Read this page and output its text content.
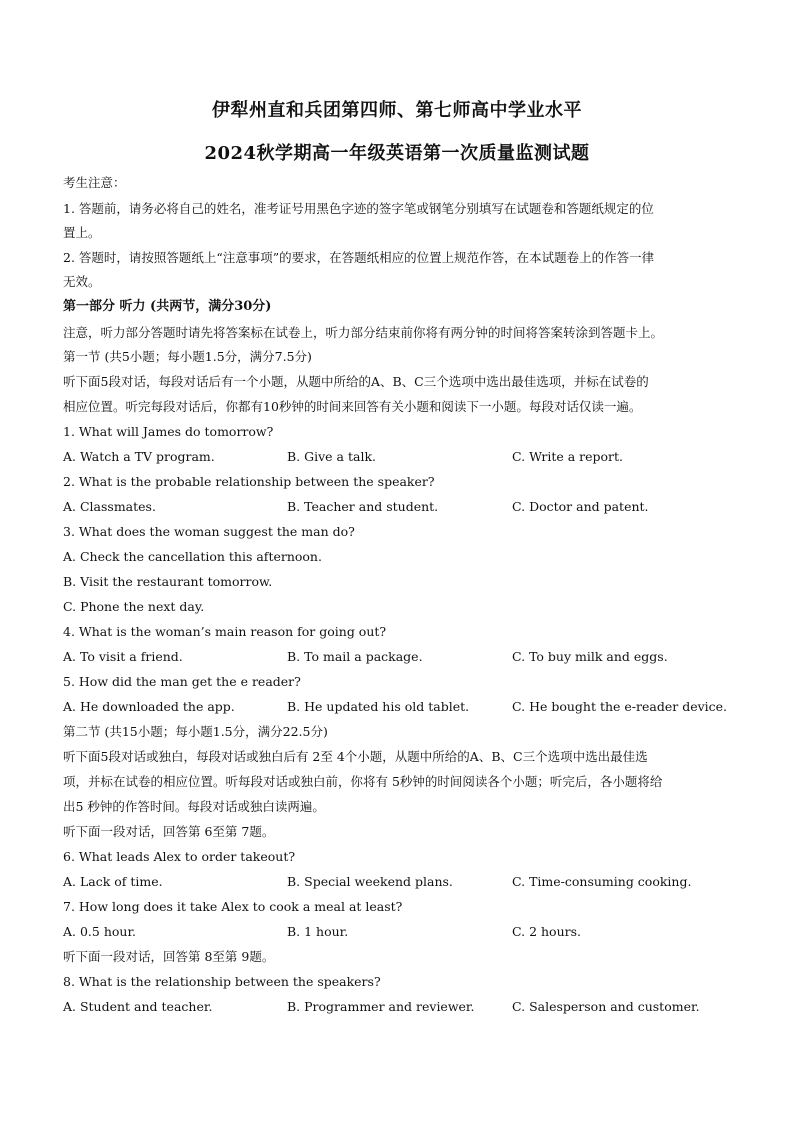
伊犁州直和兵团第四师、第七师高中学业水平
2024秋学期高一年级英语第一次质量监测试题
考生注意：
1. 答题前，请务必将自己的姓名，准考证号用黑色字迹的签字笔或钢笔分别填写在试题卷和答题纸规定的位
置上。
2. 答题时，请按照答题纸上“注意事项”的要求，在答题纸相应的位置上规范作答，在本试题卷上的作答一律
无效。
第一部分 听力 (共两节，满分30分)
注意，听力部分答题时请先将答案标在试卷上，听力部分结束前你将有两分钟的时间将答案转涂到答题卡上。
第一节 (共5小题；每小题1.5分，满分7.5分)
听下面5段对话，每段对话后有一个小题，从题中所给的A、B、C三个选项中选出最佳选项，并标在试卷的
相应位置。听完每段对话后，你都有10秒钟的时间来回答有关小题和阅读下一小题。每段对话仅读一遍。
1. What will James do tomorrow?
A. Watch a TV program.	B. Give a talk.	C. Write a report.
2. What is the probable relationship between the speaker?
A. Classmates.	B. Teacher and student.	C. Doctor and patent.
3. What does the woman suggest the man do?
A. Check the cancellation this afternoon.
B. Visit the restaurant tomorrow.
C. Phone the next day.
4. What is the woman’s main reason for going out?
A. To visit a friend.	B. To mail a package.	C. To buy milk and eggs.
5. How did the man get the e reader?
A. He downloaded the app.	B. He updated his old tablet.	C. He bought the e-reader device.
第二节 (共15小题；每小题1.5分，满分22.5分)
听下面5段对话或独白，每段对话或独白后有 2至 4个小题，从题中所给的A、B、C三个选项中选出最佳选
项，并标在试卷的相应位置。听每段对话或独白前，你将有 5秒钟的时间阅读各个小题；听完后，各小题将给
出5 秒钟的作答时间。每段对话或独白读两遍。
听下面一段对话，回答第 6至第 7题。
6. What leads Alex to order takeout?
A. Lack of time.	B. Special weekend plans.	C. Time-consuming cooking.
7. How long does it take Alex to cook a meal at least?
A. 0.5 hour.	B. 1 hour.	C. 2 hours.
听下面一段对话，回答第 8至第 9题。
8. What is the relationship between the speakers?
A. Student and teacher.	B. Programmer and reviewer.	C. Salesperson and customer.
